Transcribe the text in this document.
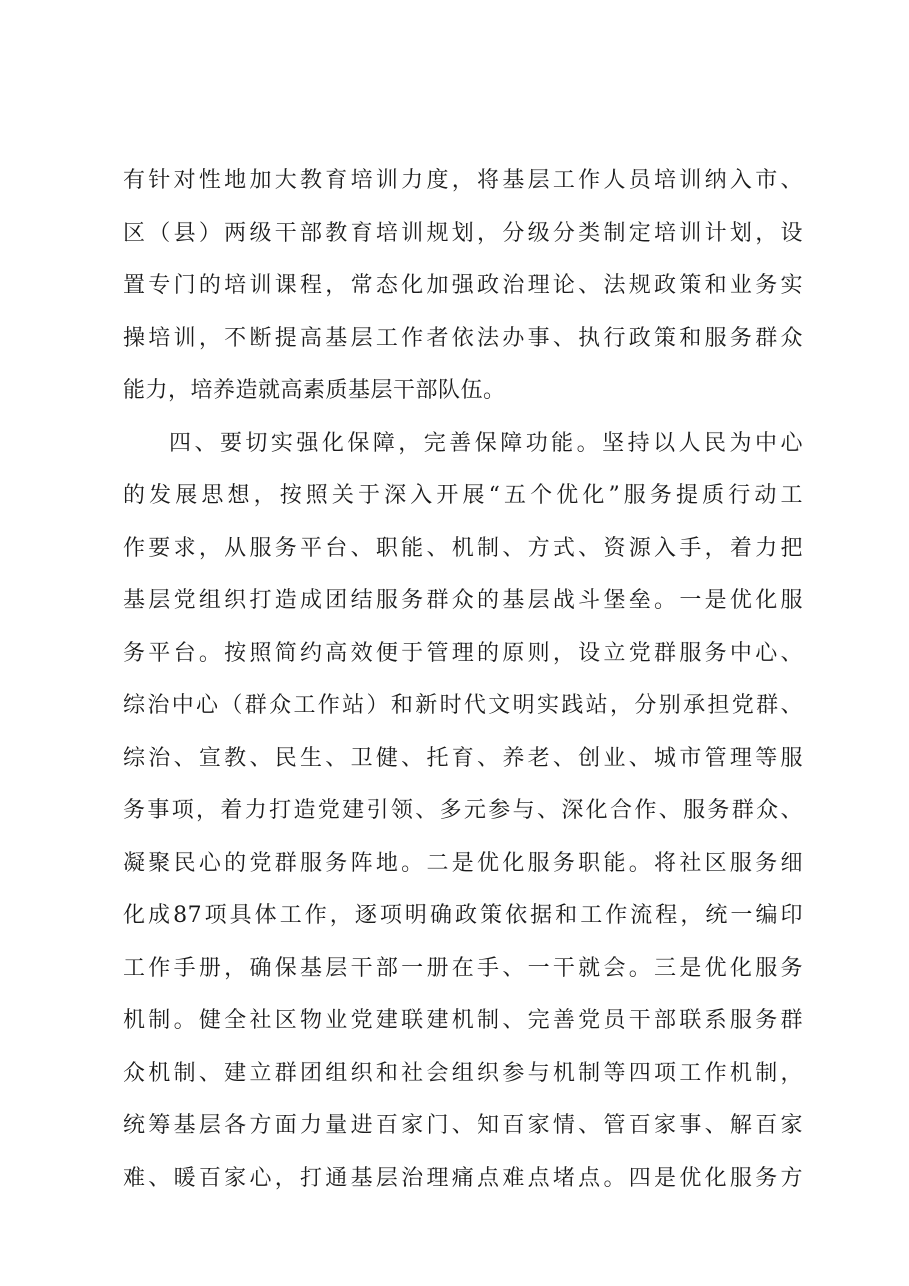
有针对性地加大教育培训力度，将基层工作人员培训纳入市、
区（县）两级干部教育培训规划，分级分类制定培训计划，设
置专门的培训课程，常态化加强政治理论、法规政策和业务实
操培训，不断提高基层工作者依法办事、执行政策和服务群众
能力，培养造就高素质基层干部队伍。
四、要切实强化保障，完善保障功能。坚持以人民为中心
的发展思想，按照关于深入开展“五个优化”服务提质行动工
作要求，从服务平台、职能、机制、方式、资源入手，着力把
基层党组织打造成团结服务群众的基层战斗堡垒。一是优化服
务平台。按照简约高效便于管理的原则，设立党群服务中心、
综治中心（群众工作站）和新时代文明实践站，分别承担党群、
综治、宣教、民生、卫健、托育、养老、创业、城市管理等服
务事项，着力打造党建引领、多元参与、深化合作、服务群众、
凝聚民心的党群服务阵地。二是优化服务职能。将社区服务细
化成87项具体工作，逐项明确政策依据和工作流程，统一编印
工作手册，确保基层干部一册在手、一干就会。三是优化服务
机制。健全社区物业党建联建机制、完善党员干部联系服务群
众机制、建立群团组织和社会组织参与机制等四项工作机制，
统筹基层各方面力量进百家门、知百家情、管百家事、解百家
难、暖百家心，打通基层治理痛点难点堵点。四是优化服务方
